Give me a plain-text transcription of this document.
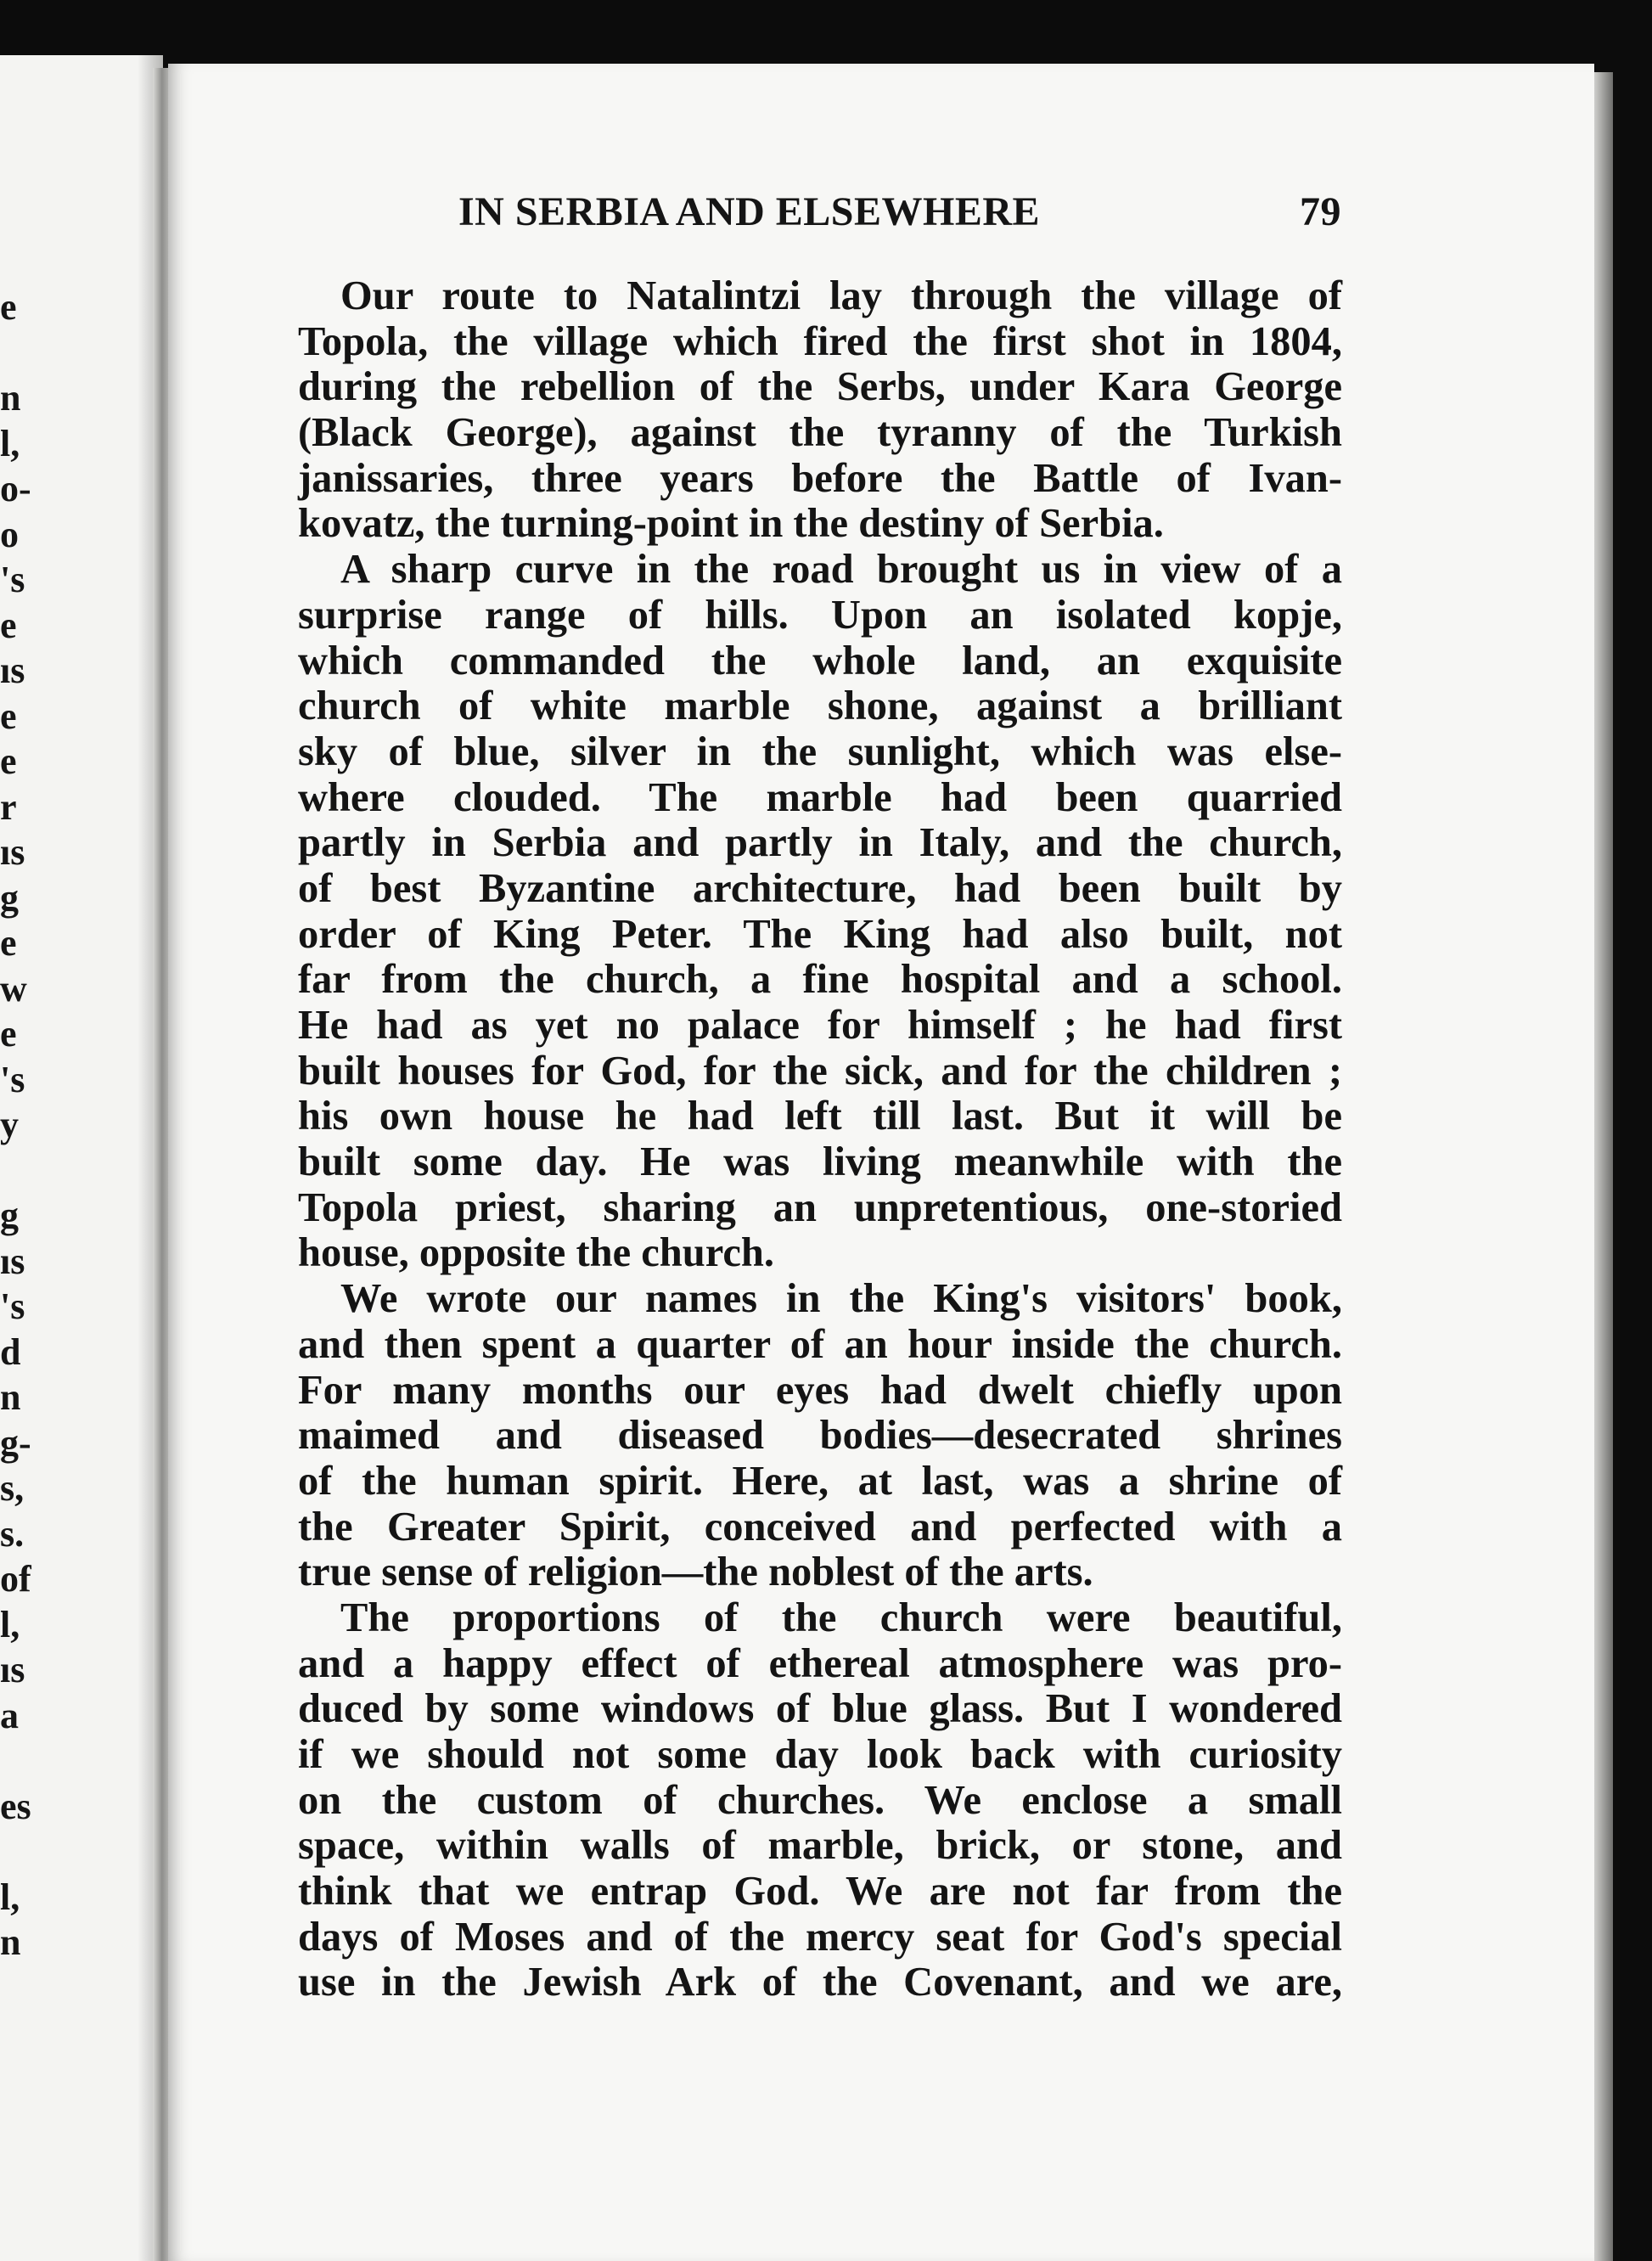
e
n
l,
o-
o
's
e
ıs
e
e
r
ıs
g
e
w
e
's
y
g
ıs
's
d
n
g-
s,
s.
of
l,
ıs
a
es
l,
n
IN SERBIA AND ELSEWHERE	79
Our route to Natalintzi lay through the village of
Topola, the village which fired the first shot in 1804,
during the rebellion of the Serbs, under Kara George
(Black George), against the tyranny of the Turkish
janissaries, three years before the Battle of Ivan-
kovatz, the turning-point in the destiny of Serbia.
A sharp curve in the road brought us in view of a
surprise range of hills. Upon an isolated kopje,
which commanded the whole land, an exquisite
church of white marble shone, against a brilliant
sky of blue, silver in the sunlight, which was else-
where clouded. The marble had been quarried
partly in Serbia and partly in Italy, and the church,
of best Byzantine architecture, had been built by
order of King Peter. The King had also built, not
far from the church, a fine hospital and a school.
He had as yet no palace for himself ; he had first
built houses for God, for the sick, and for the children ;
his own house he had left till last. But it will be
built some day. He was living meanwhile with the
Topola priest, sharing an unpretentious, one-storied
house, opposite the church.
We wrote our names in the King's visitors' book,
and then spent a quarter of an hour inside the church.
For many months our eyes had dwelt chiefly upon
maimed and diseased bodies—desecrated shrines
of the human spirit. Here, at last, was a shrine of
the Greater Spirit, conceived and perfected with a
true sense of religion—the noblest of the arts.
The proportions of the church were beautiful,
and a happy effect of ethereal atmosphere was pro-
duced by some windows of blue glass. But I wondered
if we should not some day look back with curiosity
on the custom of churches. We enclose a small
space, within walls of marble, brick, or stone, and
think that we entrap God. We are not far from the
days of Moses and of the mercy seat for God's special
use in the Jewish Ark of the Covenant, and we are,
